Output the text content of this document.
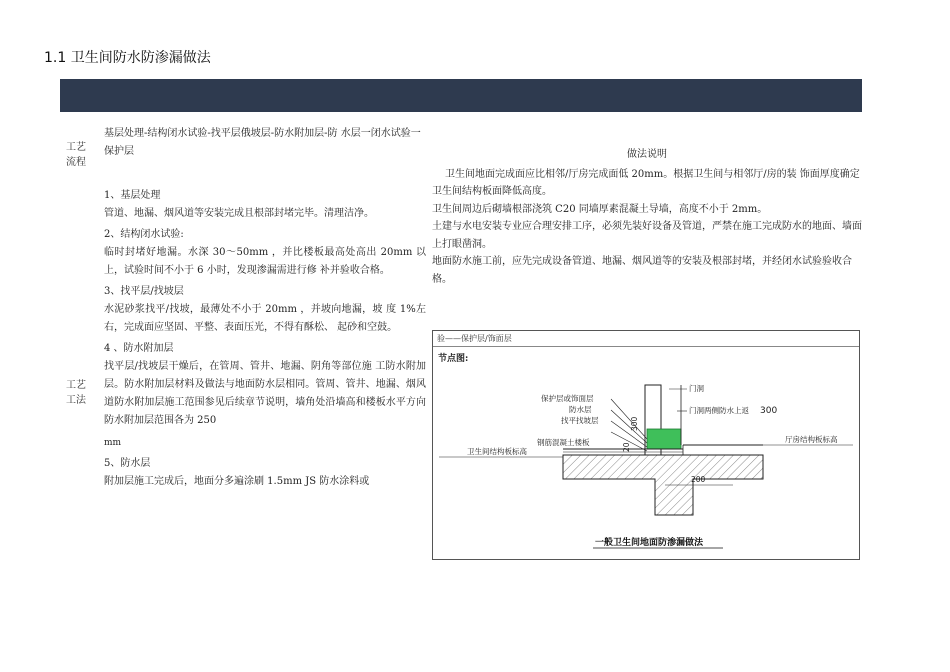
1.1 卫生间防水防渗漏做法
工艺
流程
工艺
工法
基层处理-结构闭水试验-找平层俄坡层-防水附加层-防 水层一闭水试验一保护层

1、基层处理

管道、地漏、烟风道等安装完成且根部封堵完毕。清理洁净。

2、结构闭水试验:

临时封堵好地漏。水深 30〜50mm ，并比楼板最高处高出 20mm 以上，试验时间不小于 6 小时，发现渗漏需进行修 补并验收合格。

3、找平层/找坡层

水泥砂浆找平/找坡，最薄处不小于 20mm ，并坡向地漏，坡 度 1%左右，完成面应坚固、平整、表面压光，不得有酥松、 起砂和空鼓。

4 、防水附加层

找平层/找坡层干燥后，在管周、管井、地漏、阴角等部位施 工防水附加层。防水附加层材料及做法与地面防水层相同。管周、管井、地漏、烟风道防水附加层施工范围参见后续章节说明，墙角处沿墙高和楼板水平方向防水附加层范围各为 250

mm

5、防水层

附加层施工完成后，地面分多遍涂刷 1.5mm JS 防水涂料或

做法说明

卫生间地面完成面应比相邻/厅房完成面低 20mm。根据卫生间与相邻厅/房的装 饰面厚度确定卫生间结构板面降低高度。

卫生间周边后砌墙根部浇筑 C20 同墙厚素混凝土导墙，高度不小于 2mm。

土建与水电安装专业应合理安排工序，必须先装好设备及管道，严禁在施工完成防水的地面、墙面上打眼凿洞。

地面防水施工前，应先完成设备管道、地漏、烟风道等的安装及根部封堵，并经闭水试验验收合格。

验——保护层/饰面层
节点图:
保护层或饰面层
防水层
找平找坡层
钢筋混凝土楼板
门洞
门洞两侧防水上返 300
卫生间结构板标高
厅房结构板标高
300
20
200
一般卫生间地面防渗漏做法
